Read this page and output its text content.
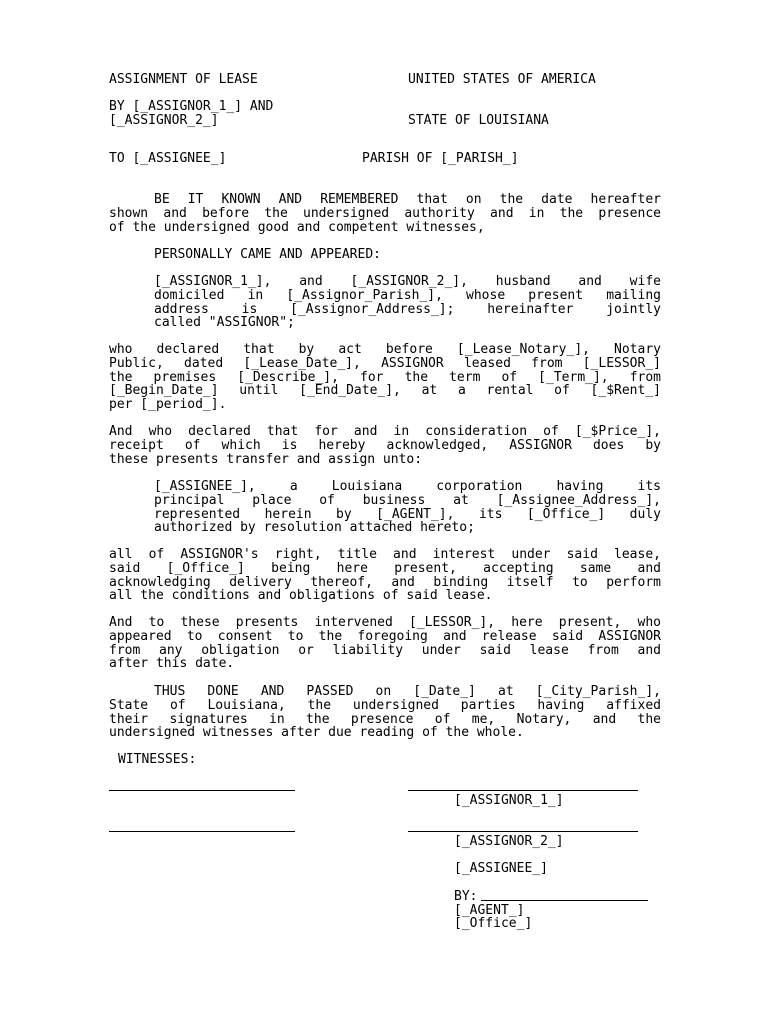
ASSIGNMENT OF LEASE	UNITED STATES OF AMERICA
BY [_ASSIGNOR_1_] AND
[_ASSIGNOR_2_]	STATE OF LOUISIANA
TO [_ASSIGNEE_]	PARISH OF [_PARISH_]
BE IT KNOWN AND REMEMBERED that on the date hereafter
shown and before the undersigned authority and in the presence
of the undersigned good and competent witnesses,
PERSONALLY CAME AND APPEARED:
[_ASSIGNOR_1_], and [_ASSIGNOR_2_], husband and wife
domiciled in [_Assignor_Parish_], whose present mailing
address is [_Assignor_Address_]; hereinafter jointly
called "ASSIGNOR";
who declared that by act before [_Lease_Notary_], Notary
Public, dated [_Lease_Date_], ASSIGNOR leased from [_LESSOR_]
the premises [_Describe_], for the term of [_Term_], from
[_Begin_Date_] until [_End_Date_], at a rental of [_$Rent_]
per [_period_].
And who declared that for and in consideration of [_$Price_],
receipt of which is hereby acknowledged, ASSIGNOR does by
these presents transfer and assign unto:
[_ASSIGNEE_], a Louisiana corporation having its
principal place of business at [_Assignee_Address_],
represented herein by [_AGENT_], its [_Office_] duly
authorized by resolution attached hereto;
all of ASSIGNOR's right, title and interest under said lease,
said [_Office_] being here present, accepting same and
acknowledging delivery thereof, and binding itself to perform
all the conditions and obligations of said lease.
And to these presents intervened [_LESSOR_], here present, who
appeared to consent to the foregoing and release said ASSIGNOR
from any obligation or liability under said lease from and
after this date.
THUS DONE AND PASSED on [_Date_] at [_City_Parish_],
State of Louisiana, the undersigned parties having affixed
their signatures in the presence of me, Notary, and the
undersigned witnesses after due reading of the whole.
WITNESSES:
[_ASSIGNOR_1_]
[_ASSIGNOR_2_]
[_ASSIGNEE_]
BY:
[_AGENT_]
[_Office_]
